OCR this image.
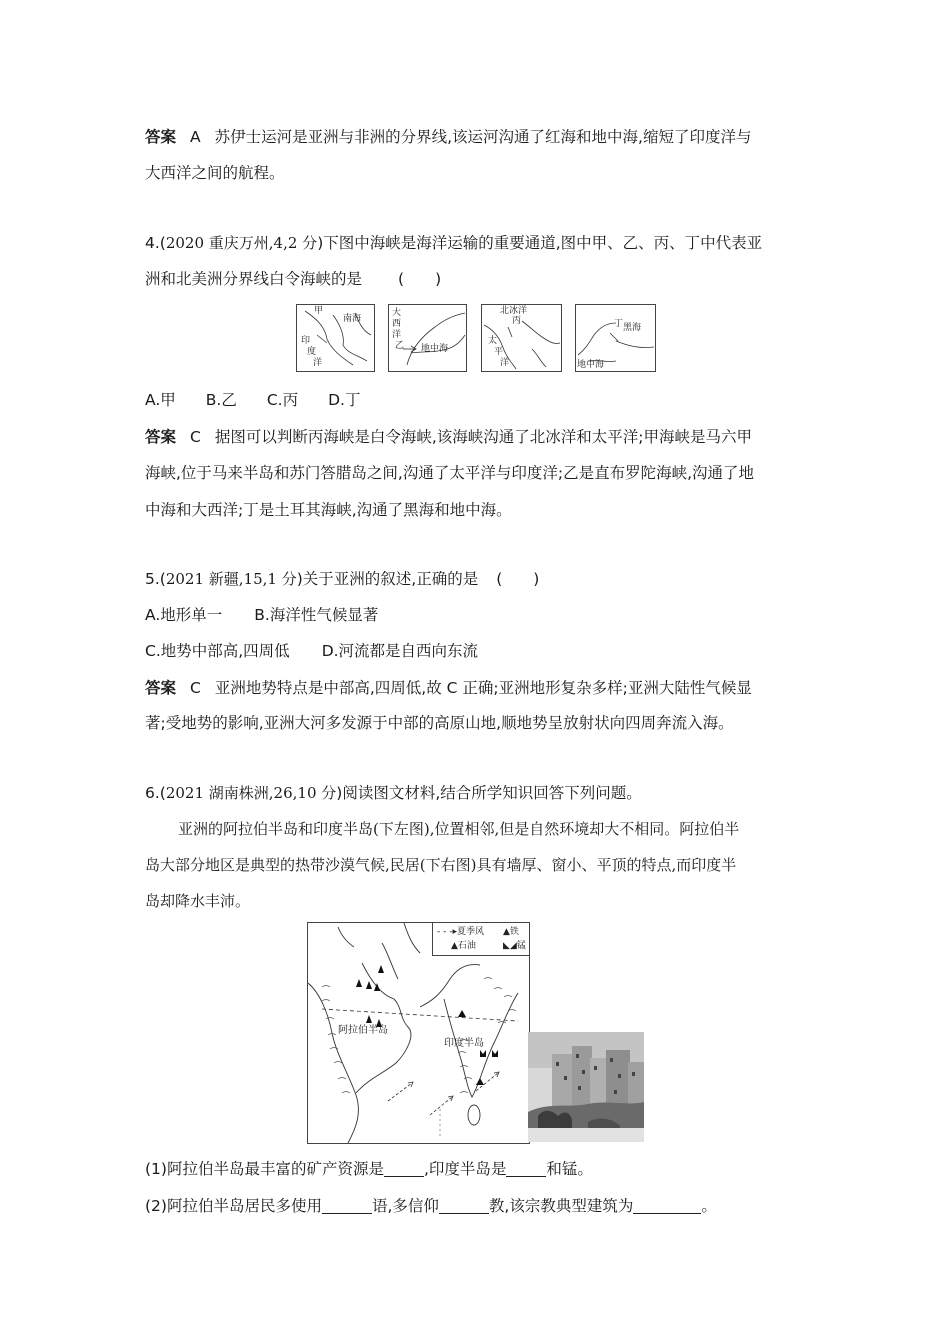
答案 A 苏伊士运河是亚洲与非洲的分界线,该运河沟通了红海和地中海,缩短了印度洋与
大西洋之间的航程。
4.(2020 重庆万州,4,2 分)下图中海峡是海洋运输的重要通道,图中甲、乙、丙、丁中代表亚
洲和北美洲分界线白令海峡的是 (　　)
甲
南海
印
度
洋
大
西
洋
乙 地中海
北冰洋
丙
太
平
洋
丁 黑海
地中海
A.甲 B.乙 C.丙 D.丁
答案 C 据图可以判断丙海峡是白令海峡,该海峡沟通了北冰洋和太平洋;甲海峡是马六甲
海峡,位于马来半岛和苏门答腊岛之间,沟通了太平洋与印度洋;乙是直布罗陀海峡,沟通了地
中海和大西洋;丁是土耳其海峡,沟通了黑海和地中海。
5.(2021 新疆,15,1 分)关于亚洲的叙述,正确的是 (　　)
A.地形单一 B.海洋性气候显著
C.地势中部高,四周低 D.河流都是自西向东流
答案 C 亚洲地势特点是中部高,四周低,故 C 正确;亚洲地形复杂多样;亚洲大陆性气候显
著;受地势的影响,亚洲大河多发源于中部的高原山地,顺地势呈放射状向四周奔流入海。
6.(2021 湖南株洲,26,10 分)阅读图文材料,结合所学知识回答下列问题。
亚洲的阿拉伯半岛和印度半岛(下左图),位置相邻,但是自然环境却大不相同。阿拉伯半
岛大部分地区是典型的热带沙漠气候,民居(下右图)具有墙厚、窗小、平顶的特点,而印度半
岛却降水丰沛。
- - -▸夏季风 ▲铁
▲石油	◣◢锰
阿拉伯半岛
印度半岛
(1)阿拉伯半岛最丰富的矿产资源是	,印度半岛是	和锰。
(2)阿拉伯半岛居民多使用	语,多信仰	教,该宗教典型建筑为	。
